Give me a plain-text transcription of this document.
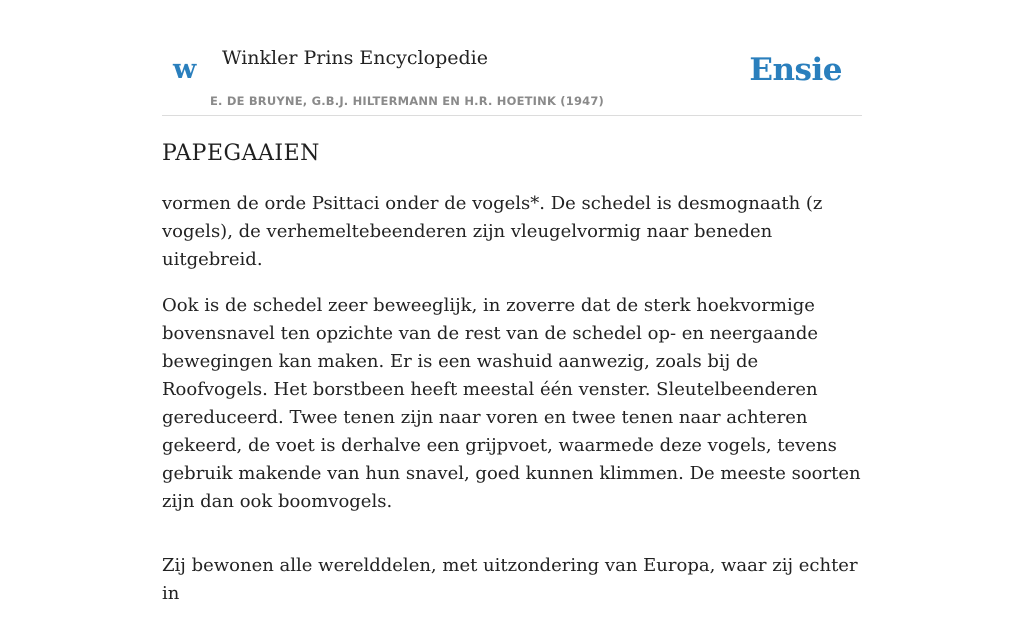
w Winkler Prins Encyclopedie
E. DE BRUYNE, G.B.J. HILTERMANN EN H.R. HOETINK (1947)
Ensie
PAPEGAAIEN

vormen de orde Psittaci onder de vogels*. De schedel is desmognaath (z vogels), de verhemeltebeenderen zijn vleugelvormig naar beneden uitgebreid.

Ook is de schedel zeer beweeglijk, in zoverre dat de sterk hoekvormige bovensnavel ten opzichte van de rest van de schedel op- en neergaande bewegingen kan maken. Er is een washuid aanwezig, zoals bij de Roofvogels. Het borstbeen heeft meestal één venster. Sleutelbeenderen gereduceerd. Twee tenen zijn naar voren en twee tenen naar achteren gekeerd, de voet is derhalve een grijpvoet, waarmede deze vogels, tevens gebruik makende van hun snavel, goed kunnen klimmen. De meeste soorten zijn dan ook boomvogels.

Zij bewonen alle werelddelen, met uitzondering van Europa, waar zij echter in
